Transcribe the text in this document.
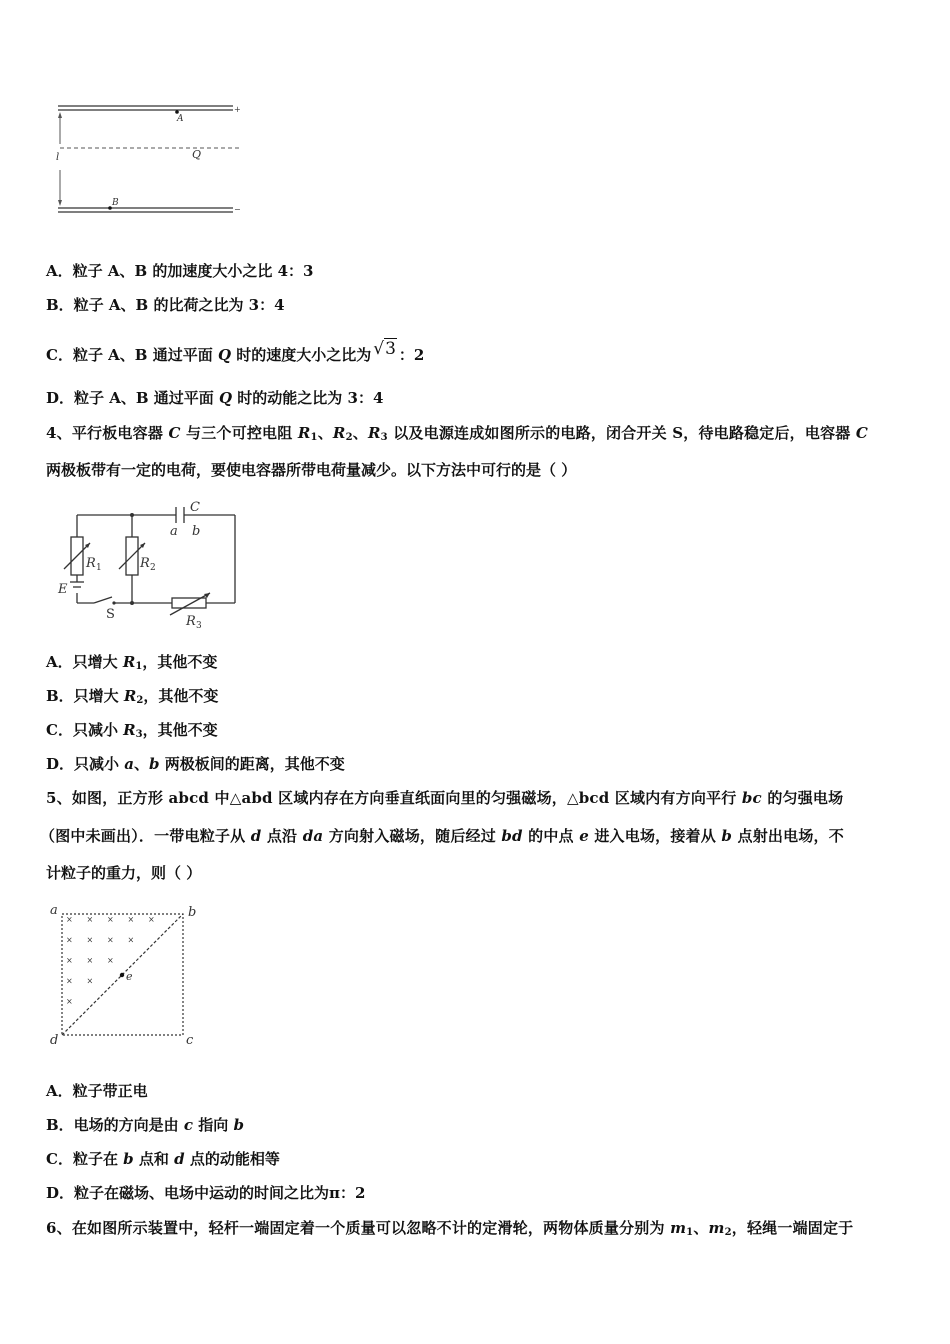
A
B
Q
l
+
−
A．粒子 A、B 的加速度大小之比 4：3
B．粒子 A、B 的比荷之比为 3：4
C．粒子 A、B 通过平面 Q 时的速度大小之比为 √3 ：2
D．粒子 A、B 通过平面 Q 时的动能之比为 3：4
4、平行板电容器 C 与三个可控电阻 $R_1$、$R_2$、$R_3$ 以及电源连成如图所示的电路，闭合开关 S，待电路稳定后，电容器 C
两极板带有一定的电荷，要使电容器所带电荷量减少。以下方法中可行的是（ ）
C
a b
R 1	R 2
R 3
E
S
A．只增大 $R_1$，其他不变
B．只增大 $R_2$，其他不变
C．只减小 $R_3$，其他不变
D．只减小 a、b 两极板间的距离，其他不变
5、如图，正方形 abcd 中△abd 区域内存在方向垂直纸面向里的匀强磁场，△bcd 区域内有方向平行 bc 的匀强电场
（图中未画出）．一带电粒子从 d 点沿 da 方向射入磁场，随后经过 bd 的中点 e 进入电场，接着从 b 点射出电场，不
计粒子的重力，则（ ）
× × × × ×
× × × ×
× × ×
× ×
×
a	b
c
d
e
A．粒子带正电
B．电场的方向是由 c 指向 b
C．粒子在 b 点和 d 点的动能相等
D．粒子在磁场、电场中运动的时间之比为π：2
6、在如图所示装置中，轻杆一端固定着一个质量可以忽略不计的定滑轮，两物体质量分别为 $m_1$、$m_2$，轻绳一端固定于
